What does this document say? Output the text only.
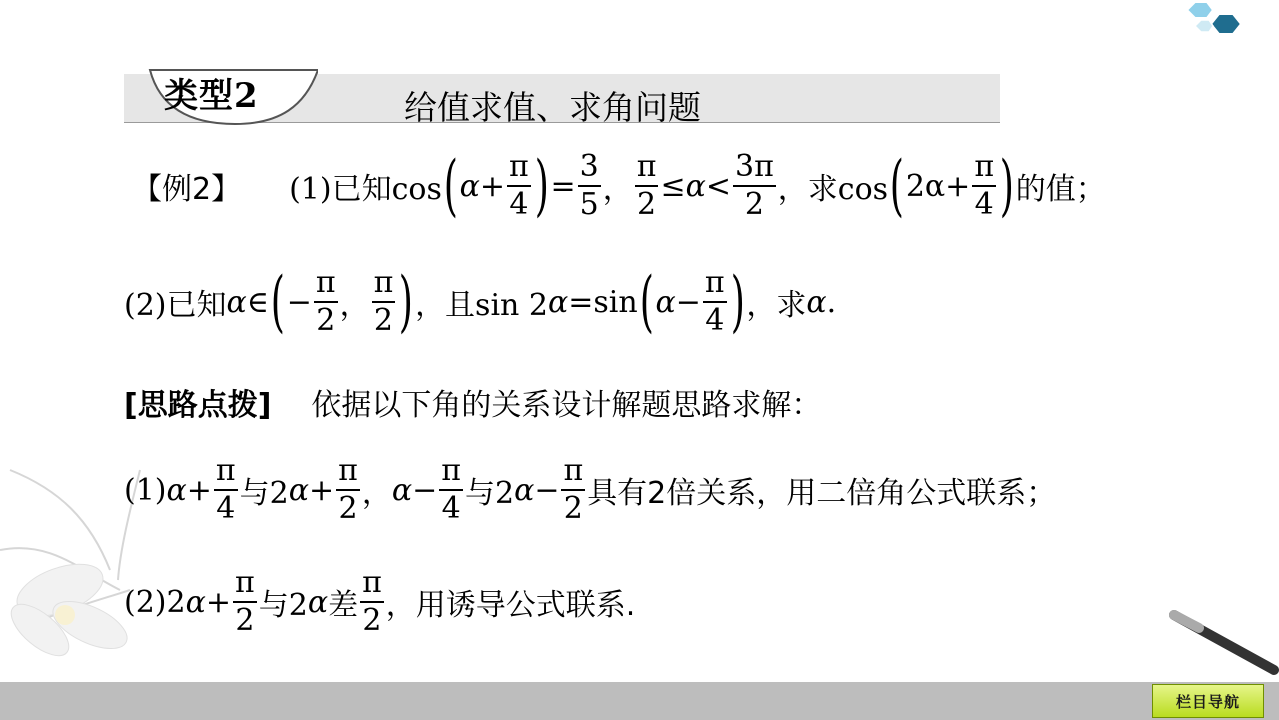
类型2	给值求值、求角问题
【例2】 (1)已知cos ( $\alpha + \frac{\pi}{4}$ ) = $\frac{3}{5}$ ， $\frac{\pi}{2} \le \alpha < \frac{3\pi}{2}$ ，求cos ( $2\alpha + \frac{\pi}{4}$ ) 的值；
(2)已知 α ∈ ( − $\frac{\pi}{2}$ ， $\frac{\pi}{2}$ ) ，且sin 2 α =sin ( $\alpha - \frac{\pi}{4}$ ) ，求 α .
[思路点拨] 依据以下角的关系设计解题思路求解：
(1) $\alpha + \frac{\pi}{4}$ 与2 $\alpha + \frac{\pi}{2}$ ， $\alpha - \frac{\pi}{4}$ 与2 $\alpha - \frac{\pi}{2}$ 具有2倍关系，用二倍角公式联系；
(2)2 $\alpha + \frac{\pi}{2}$ 与2 α 差 $\frac{\pi}{2}$ ，用诱导公式联系.
栏目导航
